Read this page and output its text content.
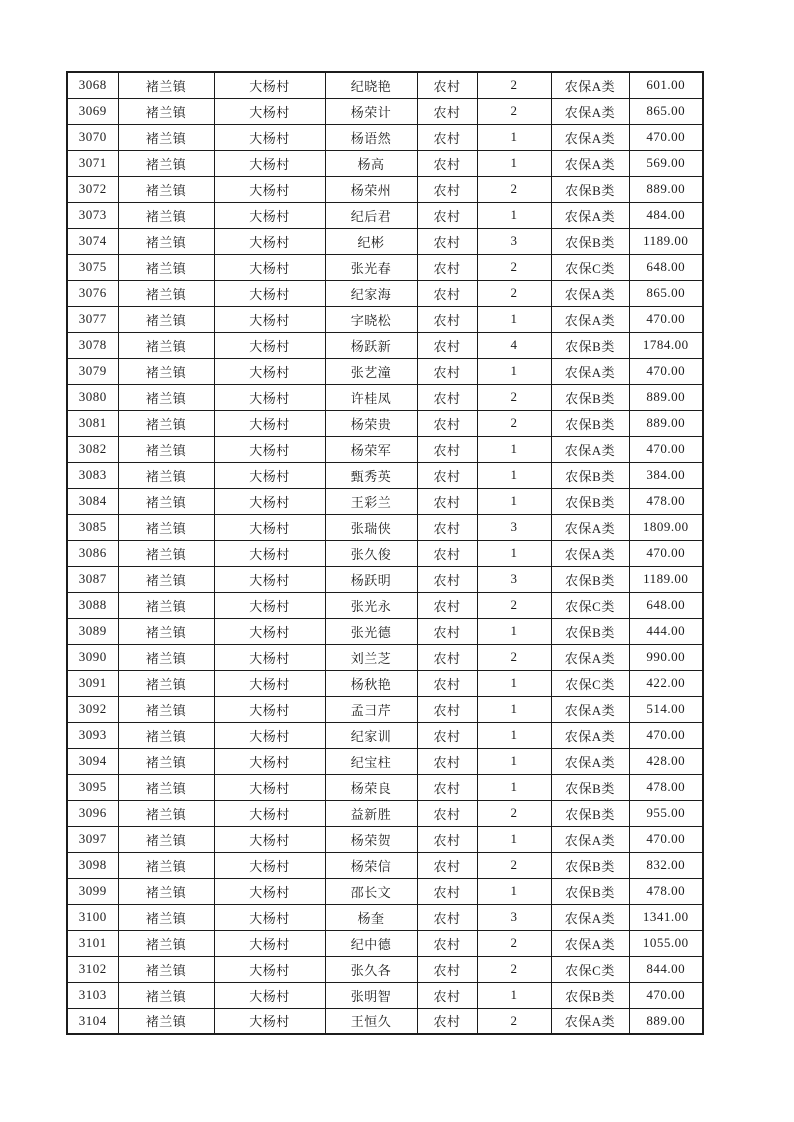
3068	褚兰镇	大杨村	纪晓艳	农村	2	农保A类	601.00
3069	褚兰镇	大杨村	杨荣计	农村	2	农保A类	865.00
3070	褚兰镇	大杨村	杨语然	农村	1	农保A类	470.00
3071	褚兰镇	大杨村	杨高	农村	1	农保A类	569.00
3072	褚兰镇	大杨村	杨荣州	农村	2	农保B类	889.00
3073	褚兰镇	大杨村	纪后君	农村	1	农保A类	484.00
3074	褚兰镇	大杨村	纪彬	农村	3	农保B类	1189.00
3075	褚兰镇	大杨村	张光春	农村	2	农保C类	648.00
3076	褚兰镇	大杨村	纪家海	农村	2	农保A类	865.00
3077	褚兰镇	大杨村	字晓松	农村	1	农保A类	470.00
3078	褚兰镇	大杨村	杨跃新	农村	4	农保B类	1784.00
3079	褚兰镇	大杨村	张艺潼	农村	1	农保A类	470.00
3080	褚兰镇	大杨村	许桂凤	农村	2	农保B类	889.00
3081	褚兰镇	大杨村	杨荣贵	农村	2	农保B类	889.00
3082	褚兰镇	大杨村	杨荣军	农村	1	农保A类	470.00
3083	褚兰镇	大杨村	甄秀英	农村	1	农保B类	384.00
3084	褚兰镇	大杨村	王彩兰	农村	1	农保B类	478.00
3085	褚兰镇	大杨村	张瑞侠	农村	3	农保A类	1809.00
3086	褚兰镇	大杨村	张久俊	农村	1	农保A类	470.00
3087	褚兰镇	大杨村	杨跃明	农村	3	农保B类	1189.00
3088	褚兰镇	大杨村	张光永	农村	2	农保C类	648.00
3089	褚兰镇	大杨村	张光德	农村	1	农保B类	444.00
3090	褚兰镇	大杨村	刘兰芝	农村	2	农保A类	990.00
3091	褚兰镇	大杨村	杨秋艳	农村	1	农保C类	422.00
3092	褚兰镇	大杨村	孟彐芹	农村	1	农保A类	514.00
3093	褚兰镇	大杨村	纪家训	农村	1	农保A类	470.00
3094	褚兰镇	大杨村	纪宝柱	农村	1	农保A类	428.00
3095	褚兰镇	大杨村	杨荣良	农村	1	农保B类	478.00
3096	褚兰镇	大杨村	益新胜	农村	2	农保B类	955.00
3097	褚兰镇	大杨村	杨荣贺	农村	1	农保A类	470.00
3098	褚兰镇	大杨村	杨荣信	农村	2	农保B类	832.00
3099	褚兰镇	大杨村	邵长文	农村	1	农保B类	478.00
3100	褚兰镇	大杨村	杨奎	农村	3	农保A类	1341.00
3101	褚兰镇	大杨村	纪中德	农村	2	农保A类	1055.00
3102	褚兰镇	大杨村	张久各	农村	2	农保C类	844.00
3103	褚兰镇	大杨村	张明智	农村	1	农保B类	470.00
3104	褚兰镇	大杨村	王恒久	农村	2	农保A类	889.00
